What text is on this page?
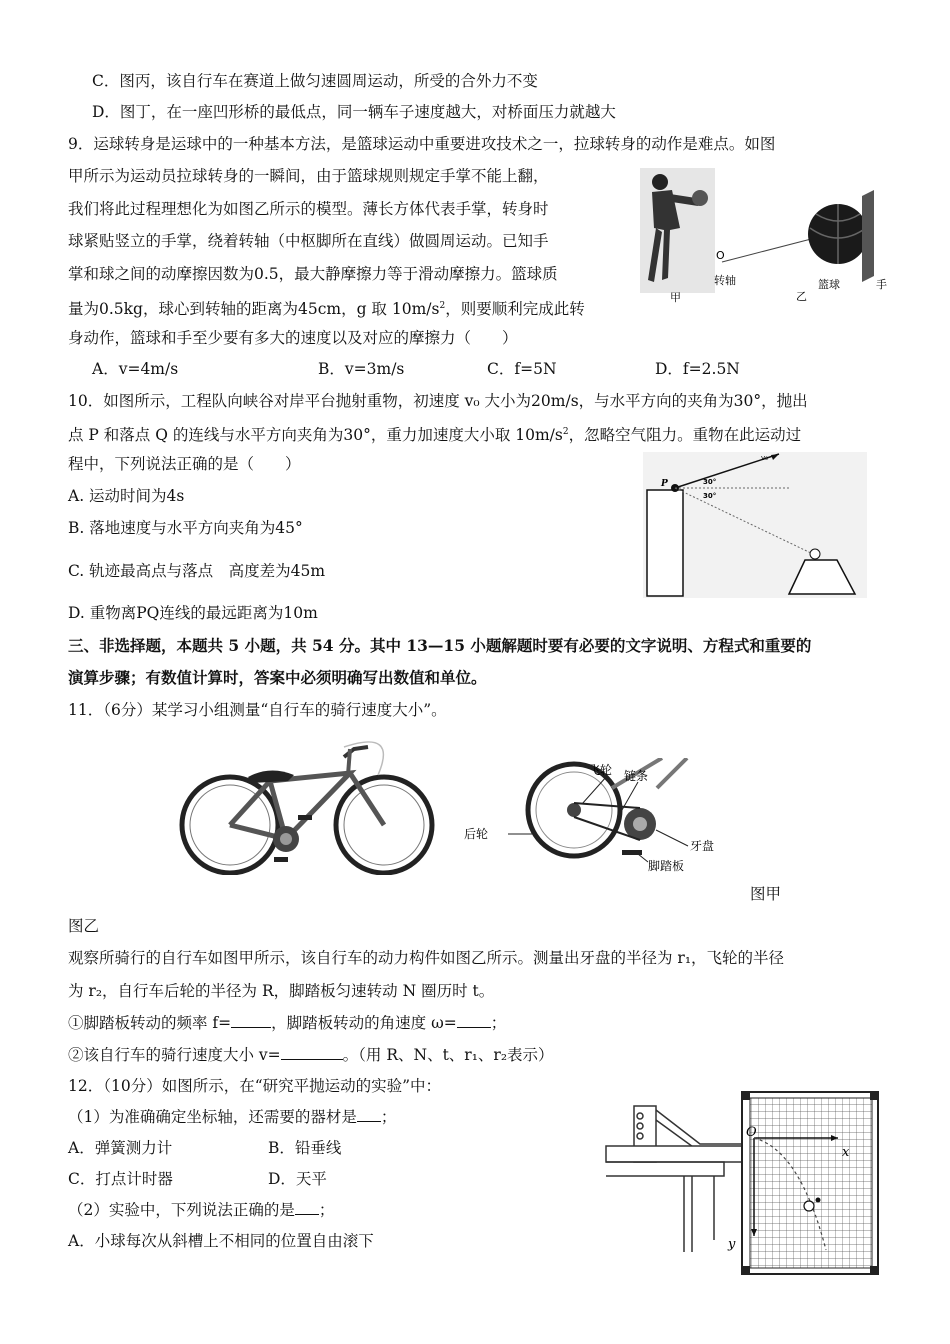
C．图丙，该自行车在赛道上做匀速圆周运动，所受的合外力不变
D．图丁，在一座凹形桥的最低点，同一辆车子速度越大，对桥面压力就越大
9．运球转身是运球中的一种基本方法，是篮球运动中重要进攻技术之一，拉球转身的动作是难点。如图
甲所示为运动员拉球转身的一瞬间，由于篮球规则规定手掌不能上翻，
我们将此过程理想化为如图乙所示的模型。薄长方体代表手掌，转身时
球紧贴竖立的手掌，绕着转轴（中枢脚所在直线）做圆周运动。已知手
掌和球之间的动摩擦因数为0.5，最大静摩擦力等于滑动摩擦力。篮球质
量为0.5kg，球心到转轴的距离为45cm，g 取 $10m/s^2$，则要顺利完成此转
身动作，篮球和手至少要有多大的速度以及对应的摩擦力（　　）
A．v=4m/s	B．v=3m/s	C．f=5N	D．f=2.5N
甲
O
转轴	篮球	手
乙
10．如图所示，工程队向峡谷对岸平台抛射重物，初速度 v₀ 大小为20m/s，与水平方向的夹角为30°，抛出
点 P 和落点 Q 的连线与水平方向夹角为30°，重力加速度大小取 $10m/s^2$，忽略空气阻力。重物在此运动过
程中，下列说法正确的是（　　）
A. 运动时间为4s
B. 落地速度与水平方向夹角为45°
C. 轨迹最高点与落点　高度差为45m
D. 重物离PQ连线的最远距离为10m
P
v₀
30°
30°
三、非选择题，本题共 5 小题，共 54 分。其中 13—15 小题解题时要有必要的文字说明、方程式和重要的
演算步骤；有数值计算时，答案中必须明确写出数值和单位。
11．（6分）某学习小组测量“自行车的骑行速度大小”。
后轮
飞轮 链条
牙盘
脚踏板
图甲
图乙
观察所骑行的自行车如图甲所示，该自行车的动力构件如图乙所示。测量出牙盘的半径为 r₁，飞轮的半径
为 r₂，自行车后轮的半径为 R，脚踏板匀速转动 N 圈历时 t。
①脚踏板转动的频率 f=	，脚踏板转动的角速度 ω= ；
②该自行车的骑行速度大小 v=	。（用 R、N、t、r₁、r₂表示）
12．（10分）如图所示，在“研究平抛运动的实验”中：
（1）为准确确定坐标轴，还需要的器材是 ；
A．弹簧测力计	B．铅垂线
C．打点计时器	D．天平
（2）实验中，下列说法正确的是 ；
A．小球每次从斜槽上不相同的位置自由滚下
O
x
y
